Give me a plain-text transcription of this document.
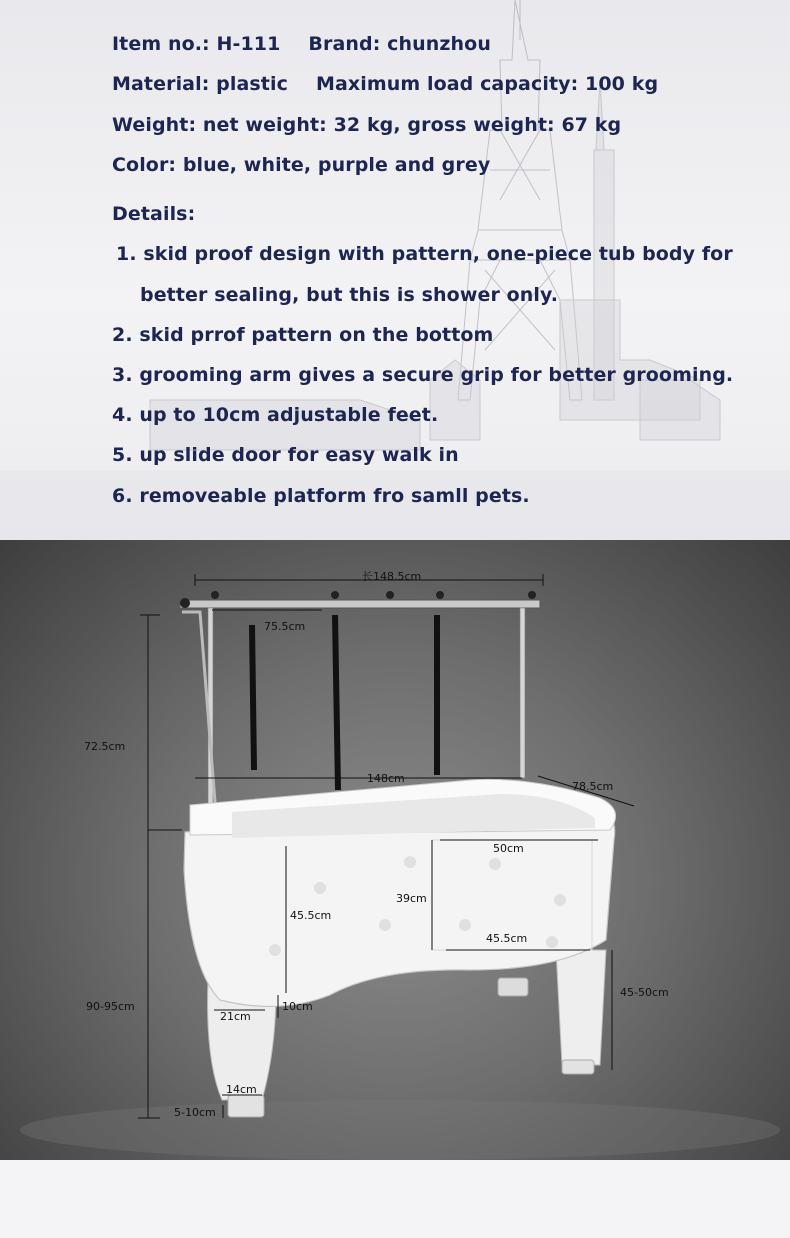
Item no.: H-111 Brand: chunzhou

Material: plastic Maximum load capacity: 100 kg

Weight: net weight: 32 kg, gross weight: 67 kg

Color: blue, white, purple and grey

Details:

1. skid proof design with pattern, one-piece tub body for

better sealing, but this is shower only.

2. skid prrof pattern on the bottom

3. grooming arm gives a secure grip for better grooming.

4. up to 10cm adjustable feet.

5. up slide door for easy walk in

6. removeable platform fro samll pets.

长148.5cm
75.5cm
72.5cm
148cm
78.5cm
50cm
39cm
45.5cm
45.5cm
90-95cm
45-50cm
21cm
10cm
14cm
5-10cm
